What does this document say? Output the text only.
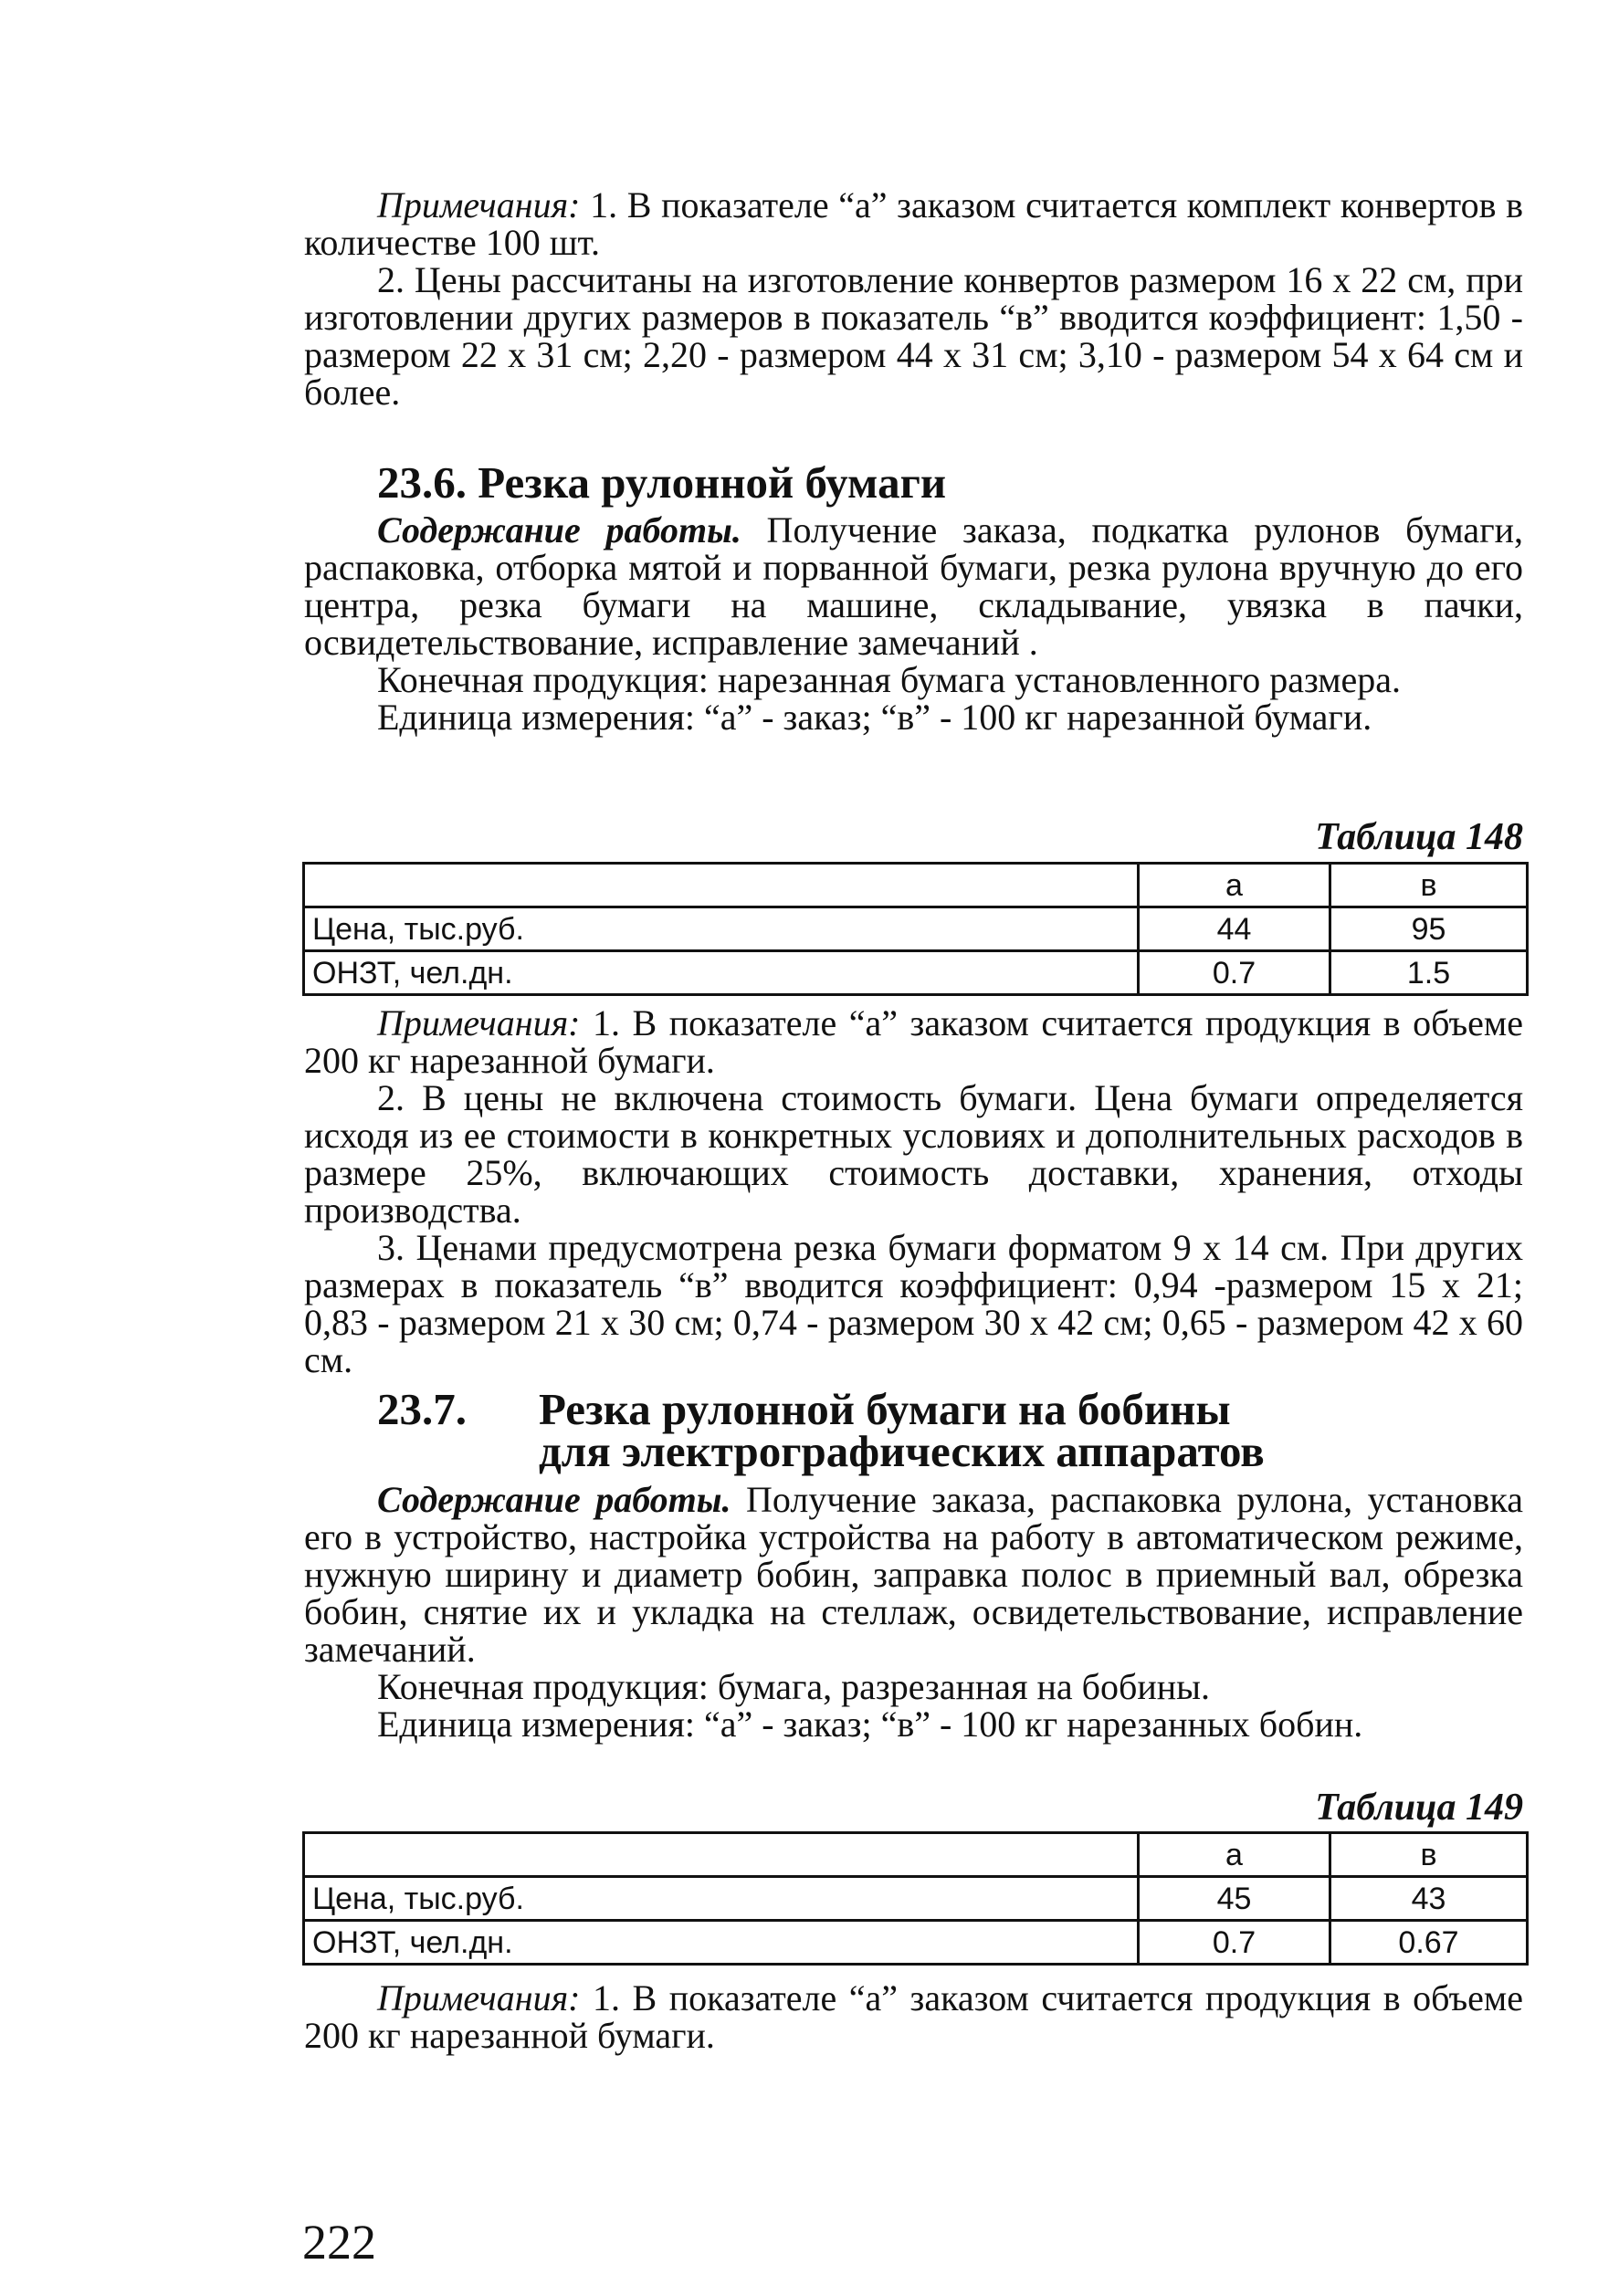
Примечания: 1. В показателе “а” заказом считается комплект конвертов в количестве 100 шт.

2. Цены рассчитаны на изготовление конвертов размером 16 x 22 см, при изготовлении других размеров в показатель “в” вводится коэффициент: 1,50 - размером 22 x 31 см; 2,20 - размером 44 x 31 см; 3,10 - размером 54 x 64 см и более.

23.6. Резка рулонной бумаги

Содержание работы. Получение заказа, подкатка рулонов бумаги, распаковка, отборка мятой и порванной бумаги, резка рулона вручную до его центра, резка бумаги на машине, складывание, увязка в пачки, освидетельствование, исправление замечаний .

Конечная продукция: нарезанная бумага установленного размера.

Единица измерения: “а” - заказ; “в” - 100 кг нарезанной бумаги.

Таблица 148
	а	в
Цена, тыс.руб.	44	95
ОНЗТ, чел.дн.	0.7	1.5

Примечания: 1. В показателе “а” заказом считается продукция в объеме 200 кг нарезанной бумаги.

2. В цены не включена стоимость бумаги. Цена бумаги определяется исходя из ее стоимости в конкретных условиях и дополнительных расходов в размере 25%, включающих стоимость доставки, хранения, отходы производства.

3. Ценами предусмотрена резка бумаги форматом 9 x 14 см. При других размерах в показатель “в” вводится коэффициент: 0,94 -размером 15 x 21; 0,83 - размером 21 x 30 см; 0,74 - размером 30 x 42 см; 0,65 - размером 42 x 60 см.

23.7. Резка рулонной бумаги на бобины
для электрографических аппаратов

Содержание работы. Получение заказа, распаковка рулона, установка его в устройство, настройка устройства на работу в автоматическом режиме, нужную ширину и диаметр бобин, заправка полос в приемный вал, обрезка бобин, снятие их и укладка на стеллаж, освидетельствование, исправление замечаний.

Конечная продукция: бумага, разрезанная на бобины.

Единица измерения: “а” - заказ; “в” - 100 кг нарезанных бобин.

Таблица 149
	а	в
Цена, тыс.руб.	45	43
ОНЗТ, чел.дн.	0.7	0.67

Примечания: 1. В показателе “а” заказом считается продукция в объеме 200 кг нарезанной бумаги.

222
